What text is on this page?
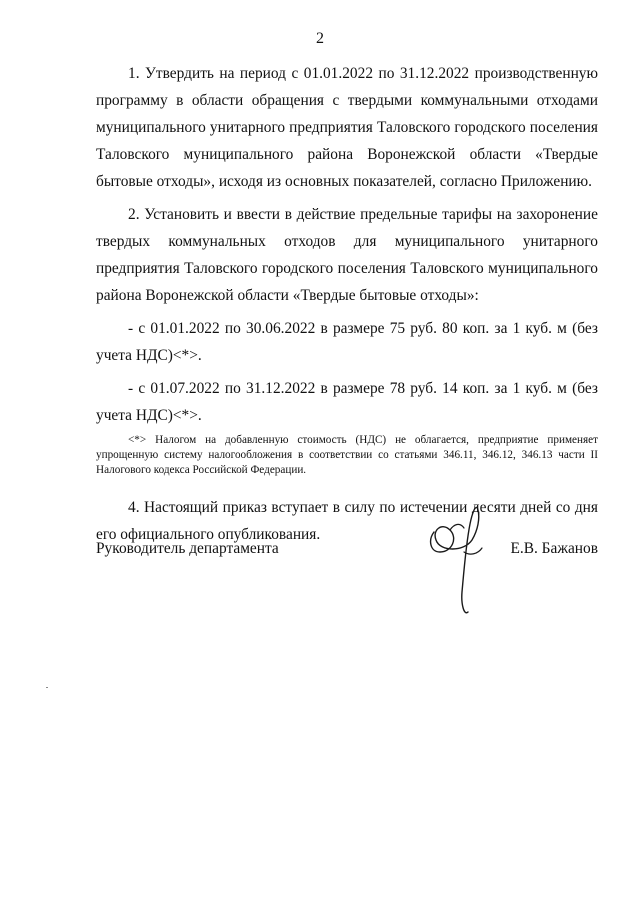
2

1. Утвердить на период с 01.01.2022 по 31.12.2022 производственную программу в области обращения с твердыми коммунальными отходами муниципального унитарного предприятия Таловского городского поселения Таловского муниципального района Воронежской области «Твердые бытовые отходы», исходя из основных показателей, согласно Приложению.

2. Установить и ввести в действие предельные тарифы на захоронение твердых коммунальных отходов для муниципального унитарного предприятия Таловского городского поселения Таловского муниципального района Воронежской области «Твердые бытовые отходы»:

- с 01.01.2022 по 30.06.2022 в размере 75 руб. 80 коп. за 1 куб. м (без учета НДС)<*>.

- с 01.07.2022 по 31.12.2022 в размере 78 руб. 14 коп. за 1 куб. м (без учета НДС)<*>.

<*> Налогом на добавленную стоимость (НДС) не облагается, предприятие применяет упрощенную систему налогообложения в соответствии со статьями 346.11, 346.12, 346.13 части II Налогового кодекса Российской Федерации.

4. Настоящий приказ вступает в силу по истечении десяти дней со дня его официального опубликования.

Руководитель департамента	Е.В. Бажанов
